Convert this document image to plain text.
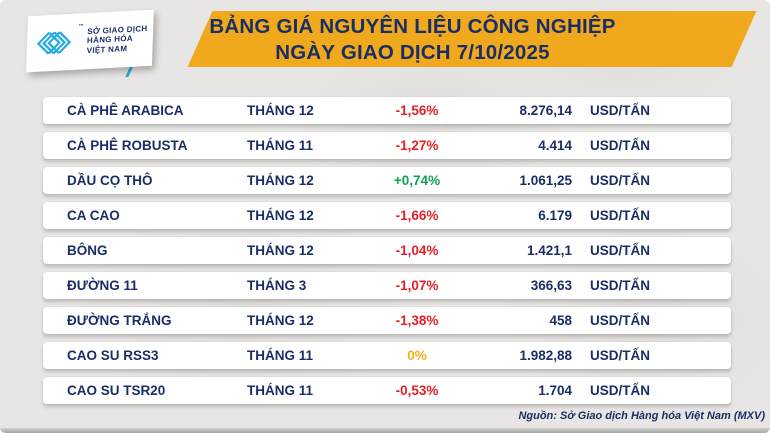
BẢNG GIÁ NGUYÊN LIỆU CÔNG NGHIỆP
NGÀY GIAO DỊCH 7/10/2025
™ SỞ GIAO DỊCH
HÀNG HÓA
VIỆT NAM
CÀ PHÊ ARABICA	THÁNG 12	-1,56%	8.276,14	USD/TẤN
CÀ PHÊ ROBUSTA	THÁNG 11	-1,27%	4.414	USD/TẤN
DẦU CỌ THÔ	THÁNG 12	+0,74%	1.061,25	USD/TẤN
CA CAO	THÁNG 12	-1,66%	6.179	USD/TẤN
BÔNG	THÁNG 12	-1,04%	1.421,1	USD/TẤN
ĐƯỜNG 11	THÁNG 3	-1,07%	366,63	USD/TẤN
ĐƯỜNG TRẮNG	THÁNG 12	-1,38%	458	USD/TẤN
CAO SU RSS3	THÁNG 11	0%	1.982,88	USD/TẤN
CAO SU TSR20	THÁNG 11	-0,53%	1.704	USD/TẤN
Nguồn: Sở Giao dịch Hàng hóa Việt Nam (MXV)
